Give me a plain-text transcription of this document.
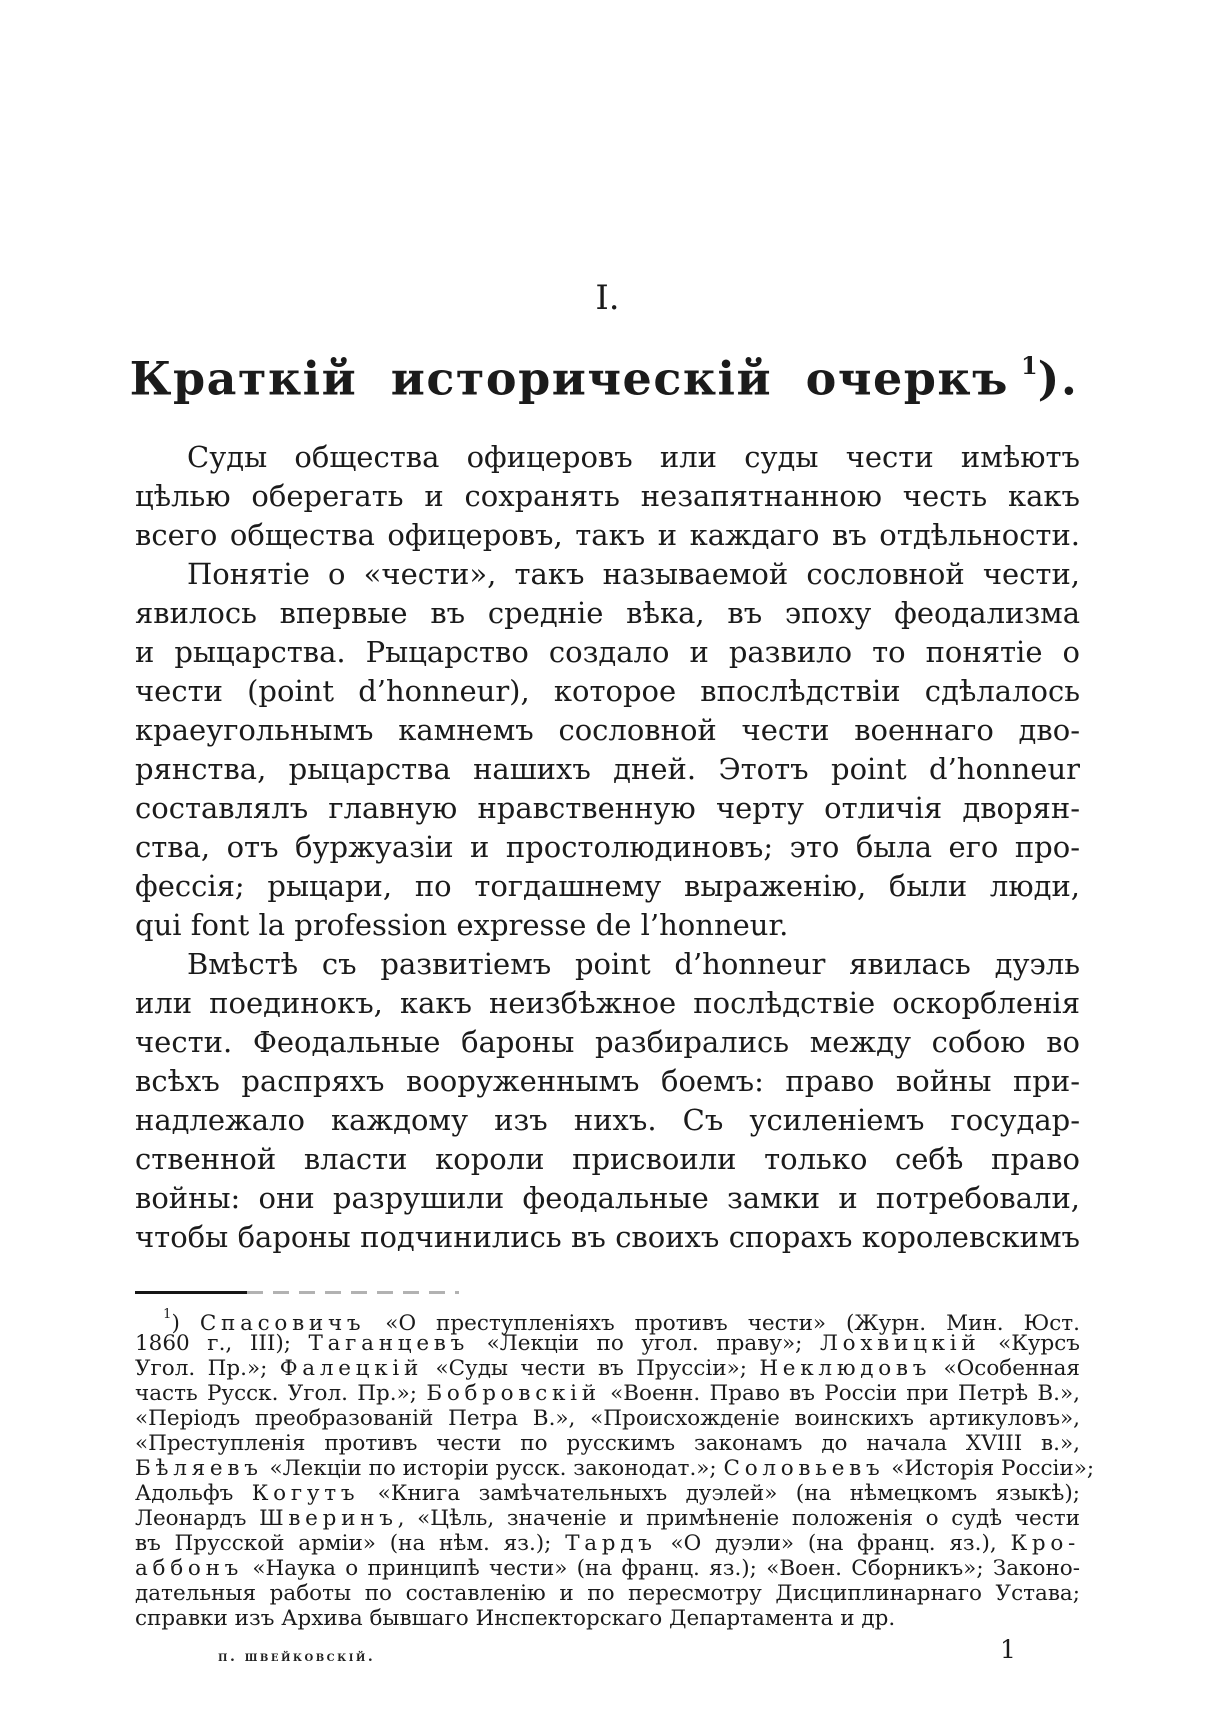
I.
Краткій историческій очеркъ $^1$).
Суды общества офицеровъ или суды чести имѣютъ
цѣлью оберегать и сохранять незапятнанною честь какъ
всего общества офицеровъ, такъ и каждаго въ отдѣльности.
Понятіе о «чести», такъ называемой сословной чести,
явилось впервые въ средніе вѣка, въ эпоху феодализма
и рыцарства. Рыцарство создало и развило то понятіе о
чести (point d’honneur), которое впослѣдствіи сдѣлалось
краеугольнымъ камнемъ сословной чести военнаго дво-
рянства, рыцарства нашихъ дней. Этотъ point d’honneur
составлялъ главную нравственную черту отличія дворян-
ства, отъ буржуазіи и простолюдиновъ; это была его про-
фессія; рыцари, по тогдашнему выраженію, были люди,
qui font la profession expresse de l’honneur.
Вмѣстѣ съ развитіемъ point d’honneur явилась дуэль
или поединокъ, какъ неизбѣжное послѣдствіе оскорбленія
чести. Феодальные бароны разбирались между собою во
всѣхъ распряхъ вооруженнымъ боемъ: право войны при-
надлежало каждому изъ нихъ. Съ усиленіемъ государ-
ственной власти короли присвоили только себѣ право
войны: они разрушили феодальные замки и потребовали,
чтобы бароны подчинились въ своихъ спорахъ королевскимъ
$^1$) Спасовичъ «О преступленіяхъ противъ чести» (Журн. Мин. Юст.
1860 г., III); Таганцевъ «Лекціи по угол. праву»; Лохвицкій «Курсъ
Угол. Пр.»; Фалецкій «Суды чести въ Пруссіи»; Неклюдовъ «Особенная
часть Русск. Угол. Пр.»; Бобровскій «Военн. Право въ Россіи при Петрѣ В.»,
«Періодъ преобразованій Петра В.», «Происхожденіе воинскихъ артикуловъ»,
«Преступленія противъ чести по русскимъ законамъ до начала XVIII в.»,
Бѣляевъ «Лекціи по исторіи русск. законодат.»; Соловьевъ «Исторія Россіи»;
Адольфъ Когутъ «Книга замѣчательныхъ дуэлей» (на нѣмецкомъ языкѣ);
Леонардъ Шверинъ, «Цѣль, значеніе и примѣненіе положенія о судѣ чести
въ Прусской арміи» (на нѣм. яз.); Тардъ «О дуэли» (на франц. яз.), Кро-
аббонъ «Наука о принципѣ чести» (на франц. яз.); «Воен. Сборникъ»; Законо-
дательныя работы по составленію и по пересмотру Дисциплинарнаго Устава;
справки изъ Архива бывшаго Инспекторскаго Департамента и др.
п. швейковскій.	1
